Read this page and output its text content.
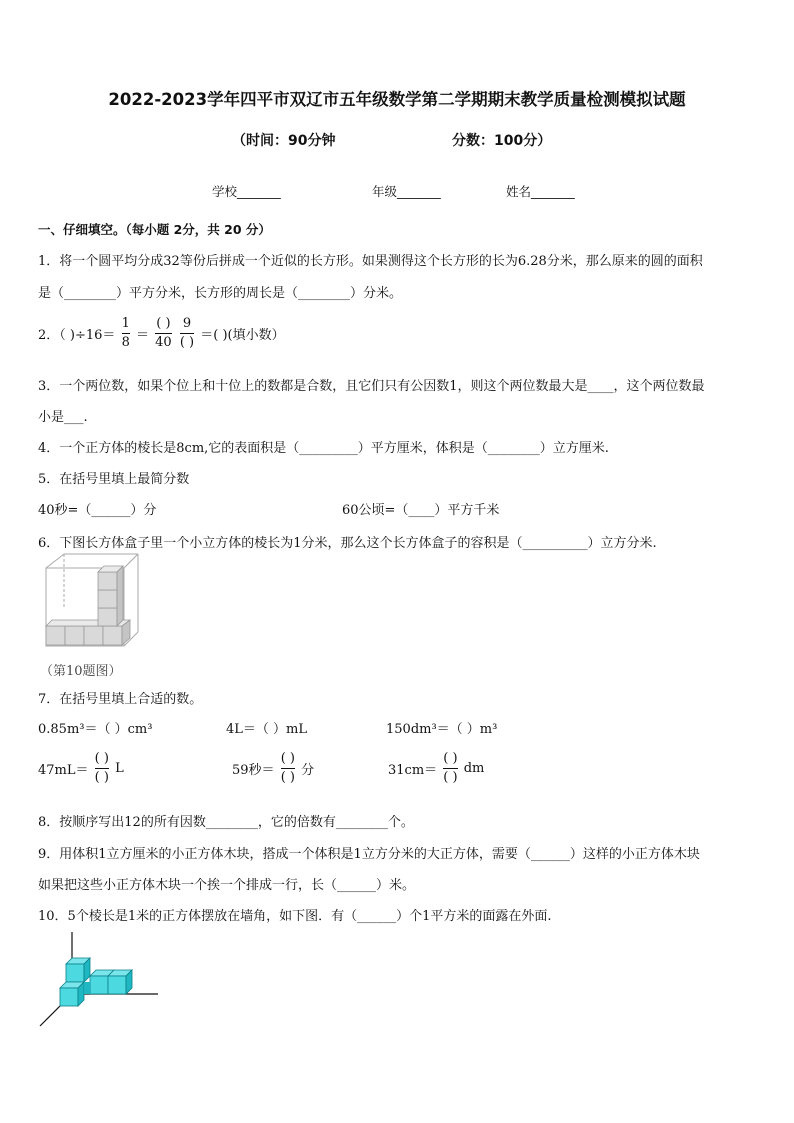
2022-2023学年四平市双辽市五年级数学第二学期期末教学质量检测模拟试题
（时间：90分钟	分数：100分）
学校_______	年级_______	姓名_______
一、仔细填空。（每小题 2分，共 20 分）
1．将一个圆平均分成32等份后拼成一个近似的长方形。如果测得这个长方形的长为6.28分米，那么原来的圆的面积
是（________）平方分米，长方形的周长是（________）分米。
2．（ )$\div 16= \frac{1}{8} = \frac{( )}{40}$
$\frac{9}{( )}$ ＝( )(填小数）
3．一个两位数，如果个位上和十位上的数都是合数，且它们只有公因数1，则这个两位数最大是____，这个两位数最
小是___.
4．一个正方体的棱长是8cm,它的表面积是（_________）平方厘米，体积是（________）立方厘米.
5．在括号里填上最简分数
40秒=（______）分	60公顷=（____）平方千米
6．下图长方体盒子里一个小立方体的棱长为1分米，那么这个长方体盒子的容积是（__________）立方分米.
（第10题图）
7．在括号里填上合适的数。
0.85m³＝（ ）cm³	4L＝（ ）mL	150dm³＝（ ）m³
$47mL= \frac{( )}{( )}$ L	59秒＝ $\frac{( )}{( )}$ 分	$31cm= \frac{( )}{( )}$ dm
8．按顺序写出12的所有因数________，它的倍数有________个。
9．用体积1立方厘米的小正方体木块，搭成一个体积是1立方分米的大正方体，需要（______）这样的小正方体木块
如果把这些小正方体木块一个挨一个排成一行，长（______）米。
10．5个棱长是1米的正方体摆放在墙角，如下图．有（______）个1平方米的面露在外面.
